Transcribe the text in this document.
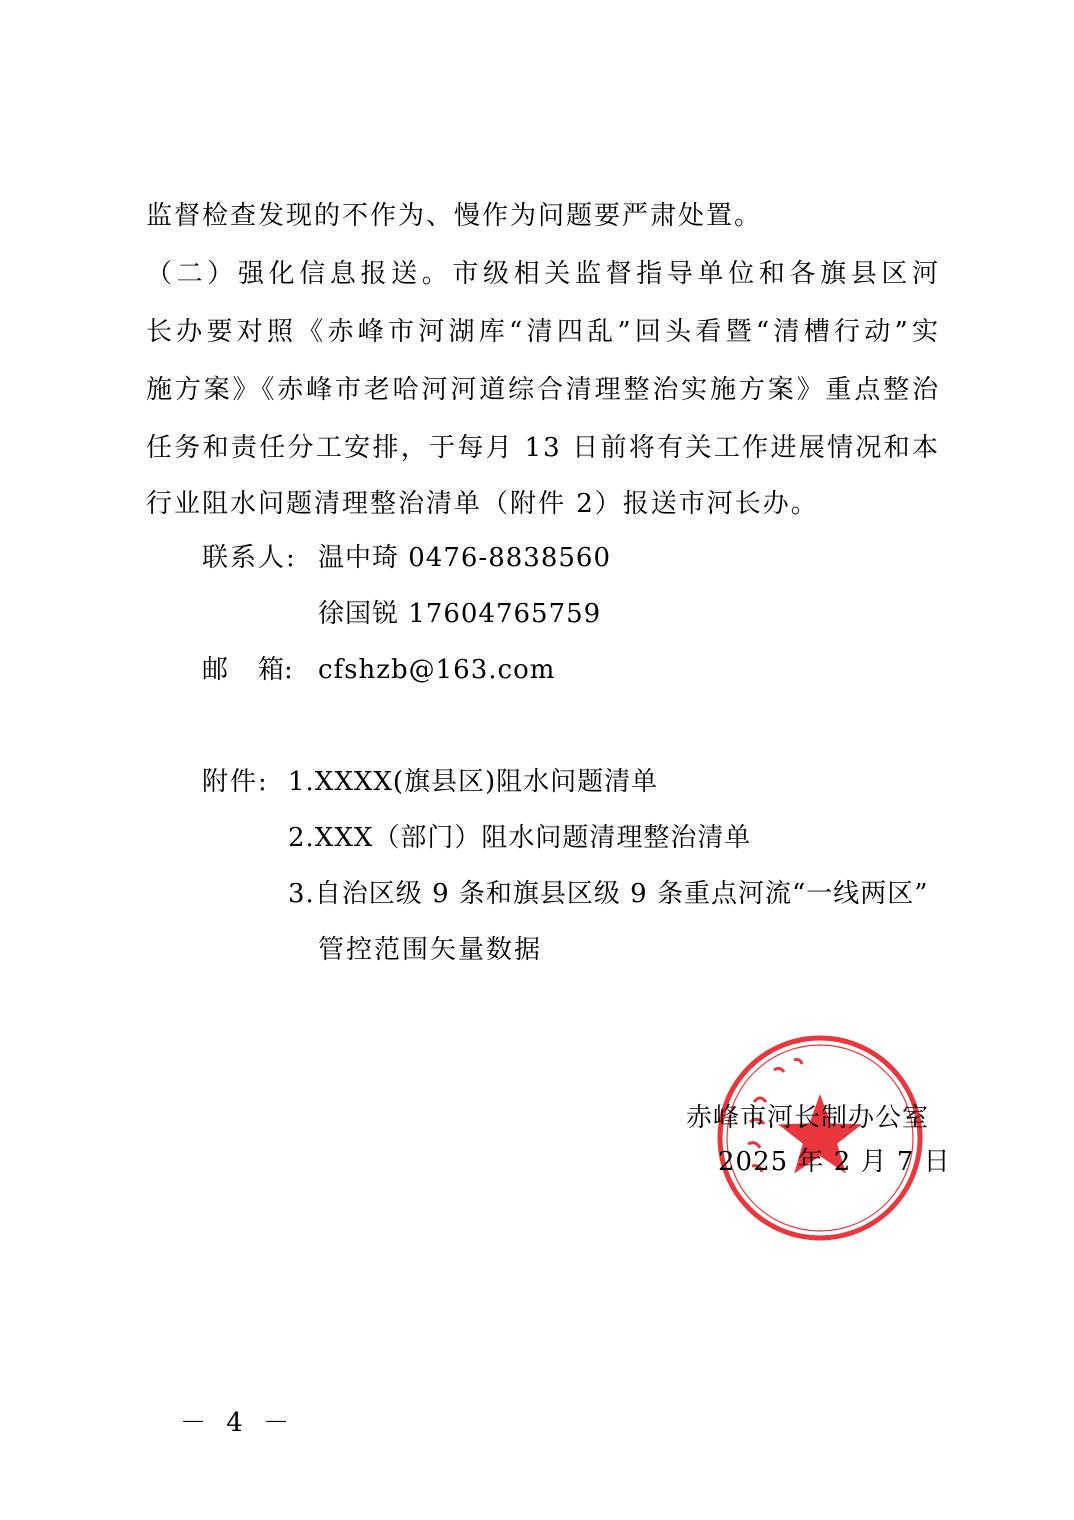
监督检查发现的不作为、慢作为问题要严肃处置。
（二）强化信息报送。市级相关监督指导单位和各旗县区河
长办要对照《赤峰市河湖库“清四乱”回头看暨“清槽行动”实
施方案》《赤峰市老哈河河道综合清理整治实施方案》重点整治
任务和责任分工安排，于每月 13 日前将有关工作进展情况和本
行业阻水问题清理整治清单（附件 2）报送市河长办。
联系人: 温中琦 0476-8838560
徐国锐 17604765759
邮 箱: cfshzb@163.com
附件: 1.XXXX(旗县区)阻水问题清单
2.XXX（部门）阻水问题清理整治清单
3.自治区级 9 条和旗县区级 9 条重点河流“一线两区”
管控范围矢量数据
赤峰市河长制办公室
2025 年 2 月 7 日
－ 4 －
